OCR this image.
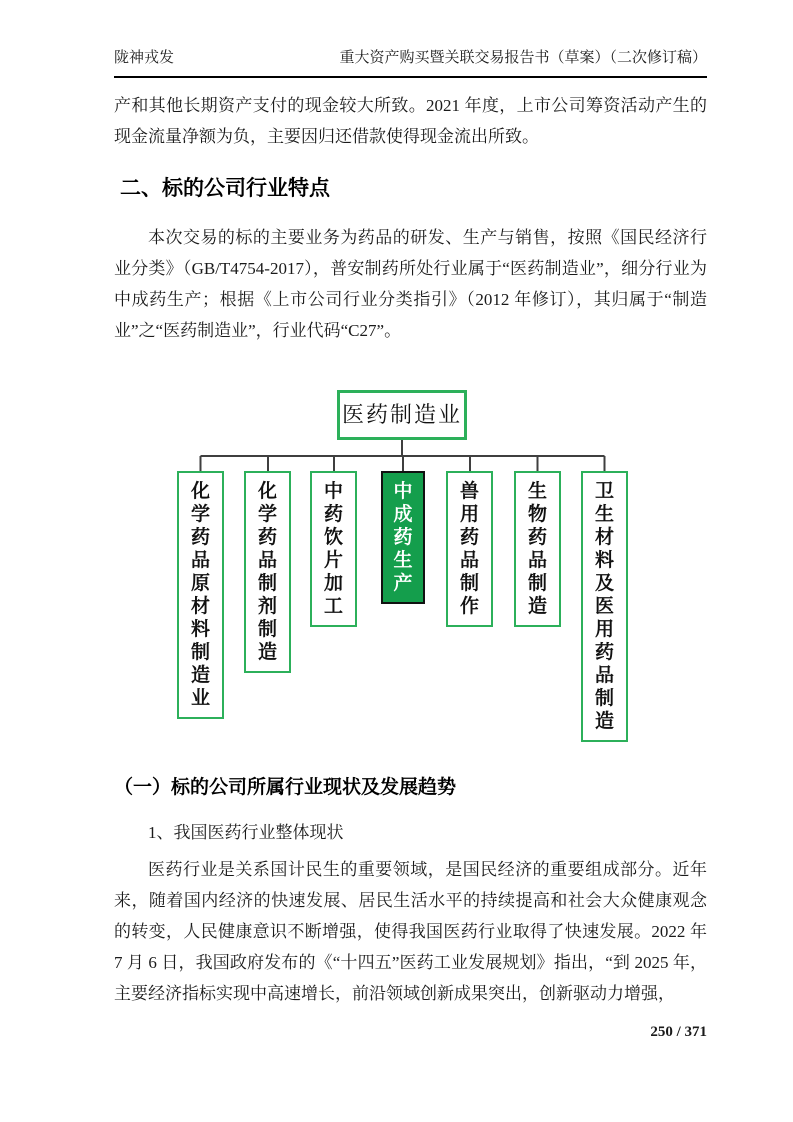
陇神戎发	重大资产购买暨关联交易报告书（草案）（二次修订稿）

产和其他长期资产支付的现金较大所致。2021 年度，上市公司筹资活动产生的现金流量净额为负，主要因归还借款使得现金流出所致。

二、标的公司行业特点

本次交易的标的主要业务为药品的研发、生产与销售，按照《国民经济行业分类》（GB/T4754-2017），普安制药所处行业属于“医药制造业”，细分行业为中成药生产；根据《上市公司行业分类指引》（2012 年修订），其归属于“制造业”之“医药制造业”，行业代码“C27”。

医药制造业
化学药品原材料制造业
化学药品制剂制造
中药饮片加工
中成药生产
兽用药品制作
生物药品制造
卫生材料及医用药品制造
（一）标的公司所属行业现状及发展趋势

1、我国医药行业整体现状

医药行业是关系国计民生的重要领域，是国民经济的重要组成部分。近年来，随着国内经济的快速发展、居民生活水平的持续提高和社会大众健康观念的转变，人民健康意识不断增强，使得我国医药行业取得了快速发展。2022 年 7 月 6 日，我国政府发布的《“十四五”医药工业发展规划》指出，“到 2025 年，主要经济指标实现中高速增长，前沿领域创新成果突出，创新驱动力增强，

250 / 371
